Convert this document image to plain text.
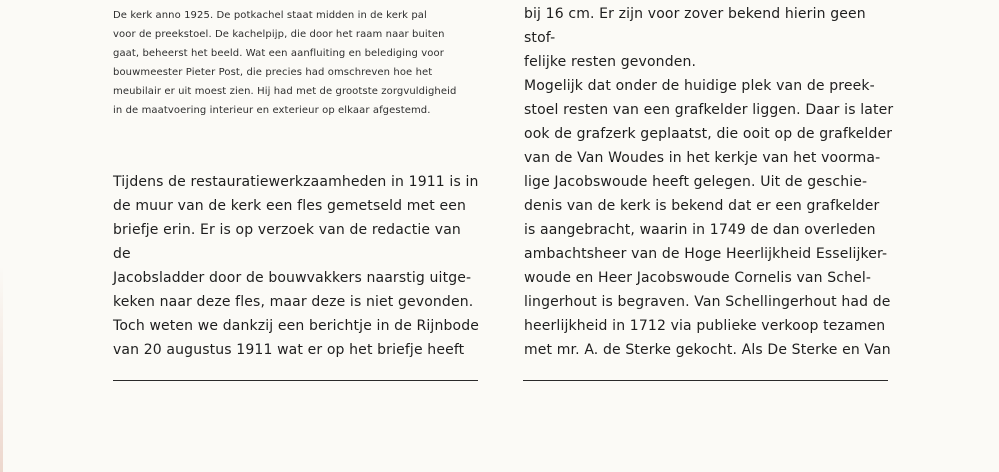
De kerk anno 1925. De potkachel staat midden in de kerk pal
voor de preekstoel. De kachelpijp, die door het raam naar buiten
gaat, beheerst het beeld. Wat een aanfluiting en belediging voor
bouwmeester Pieter Post, die precies had omschreven hoe het
meubilair er uit moest zien. Hij had met de grootste zorgvuldigheid
in de maatvoering interieur en exterieur op elkaar afgestemd.

Tijdens de restauratiewerkzaamheden in 1911 is in
de muur van de kerk een fles gemetseld met een
briefje erin. Er is op verzoek van de redactie van de
Jacobsladder door de bouwvakkers naarstig uitge-
keken naar deze fles, maar deze is niet gevonden.
Toch weten we dankzij een berichtje in de Rijnbode
van 20 augustus 1911 wat er op het briefje heeft

bij 16 cm. Er zijn voor zover bekend hierin geen stof-
felijke resten gevonden.
Mogelijk dat onder de huidige plek van de preek-
stoel resten van een grafkelder liggen. Daar is later
ook de grafzerk geplaatst, die ooit op de grafkelder
van de Van Woudes in het kerkje van het voorma-
lige Jacobswoude heeft gelegen. Uit de geschie-
denis van de kerk is bekend dat er een grafkelder
is aangebracht, waarin in 1749 de dan overleden
ambachtsheer van de Hoge Heerlijkheid Esselijker-
woude en Heer Jacobswoude Cornelis van Schel-
lingerhout is begraven. Van Schellingerhout had de
heerlijkheid in 1712 via publieke verkoop tezamen
met mr. A. de Sterke gekocht. Als De Sterke en Van
